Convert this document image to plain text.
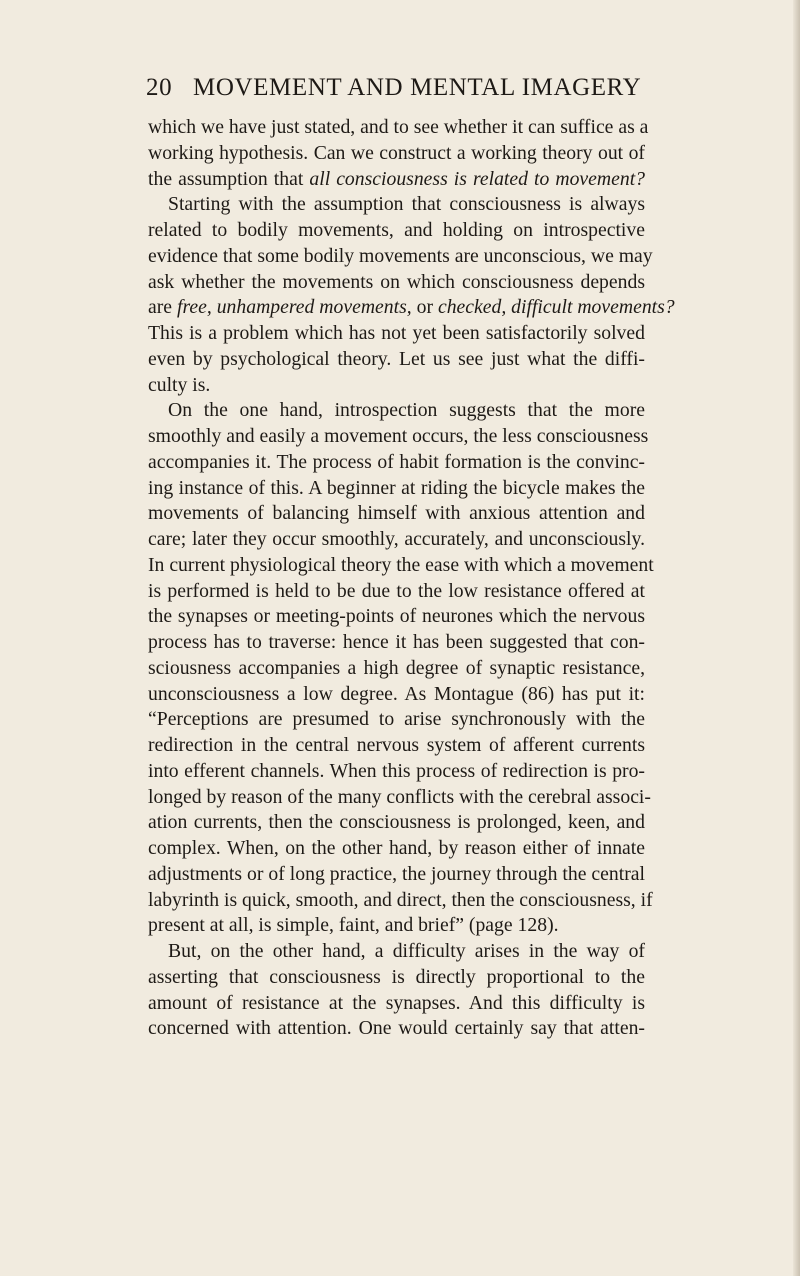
20 MOVEMENT AND MENTAL IMAGERY
which we have just stated, and to see whether it can suffice as a
working hypothesis. Can we construct a working theory out of
the assumption that all consciousness is related to movement?
Starting with the assumption that consciousness is always
related to bodily movements, and holding on introspective
evidence that some bodily movements are unconscious, we may
ask whether the movements on which consciousness depends
are free, unhampered movements, or checked, difficult movements?
This is a problem which has not yet been satisfactorily solved
even by psychological theory. Let us see just what the diffi-
culty is.
On the one hand, introspection suggests that the more
smoothly and easily a movement occurs, the less consciousness
accompanies it. The process of habit formation is the convinc-
ing instance of this. A beginner at riding the bicycle makes the
movements of balancing himself with anxious attention and
care; later they occur smoothly, accurately, and unconsciously.
In current physiological theory the ease with which a movement
is performed is held to be due to the low resistance offered at
the synapses or meeting-points of neurones which the nervous
process has to traverse: hence it has been suggested that con-
sciousness accompanies a high degree of synaptic resistance,
unconsciousness a low degree. As Montague (86) has put it:
“Perceptions are presumed to arise synchronously with the
redirection in the central nervous system of afferent currents
into efferent channels. When this process of redirection is pro-
longed by reason of the many conflicts with the cerebral associ-
ation currents, then the consciousness is prolonged, keen, and
complex. When, on the other hand, by reason either of innate
adjustments or of long practice, the journey through the central
labyrinth is quick, smooth, and direct, then the consciousness, if
present at all, is simple, faint, and brief” (page 128).
But, on the other hand, a difficulty arises in the way of
asserting that consciousness is directly proportional to the
amount of resistance at the synapses. And this difficulty is
concerned with attention. One would certainly say that atten-
